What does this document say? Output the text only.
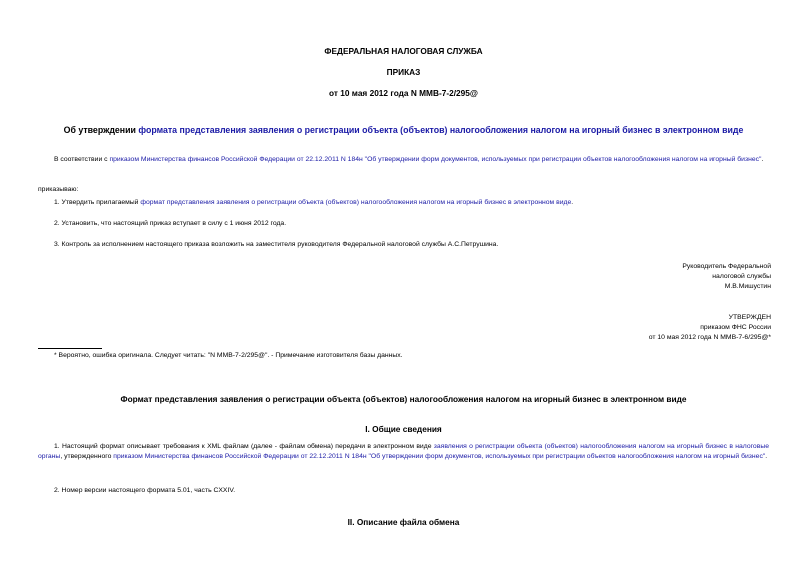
ФЕДЕРАЛЬНАЯ НАЛОГОВАЯ СЛУЖБА
ПРИКАЗ
от 10 мая 2012 года N ММВ-7-2/295@
Об утверждении формата представления заявления о регистрации объекта (объектов) налогообложения налогом на игорный бизнес в электронном виде
В соответствии с приказом Министерства финансов Российской Федерации от 22.12.2011 N 184н "Об утверждении форм документов, используемых при регистрации объектов налогообложения налогом на игорный бизнес".
приказываю:
1. Утвердить прилагаемый формат представления заявления о регистрации объекта (объектов) налогообложения налогом на игорный бизнес в электронном виде.
2. Установить, что настоящий приказ вступает в силу с 1 июня 2012 года.
3. Контроль за исполнением настоящего приказа возложить на заместителя руководителя Федеральной налоговой службы А.С.Петрушина.
Руководитель Федеральной
налоговой службы
М.В.Мишустин
УТВЕРЖДЕН
приказом ФНС России
от 10 мая 2012 года N ММВ-7-6/295@*
* Вероятно, ошибка оригинала. Следует читать: "N ММВ-7-2/295@". - Примечание изготовителя базы данных.
Формат представления заявления о регистрации объекта (объектов) налогообложения налогом на игорный бизнес в электронном виде
I. Общие сведения
1. Настоящий формат описывает требования к XML файлам (далее - файлам обмена) передачи в электронном виде заявления о регистрации объекта (объектов) налогообложения налогом на игорный бизнес в налоговые органы, утвержденного приказом Министерства финансов Российской Федерации от 22.12.2011 N 184н "Об утверждении форм документов, используемых при регистрации объектов налогообложения налогом на игорный бизнес".
2. Номер версии настоящего формата 5.01, часть CXXIV.
II. Описание файла обмена
